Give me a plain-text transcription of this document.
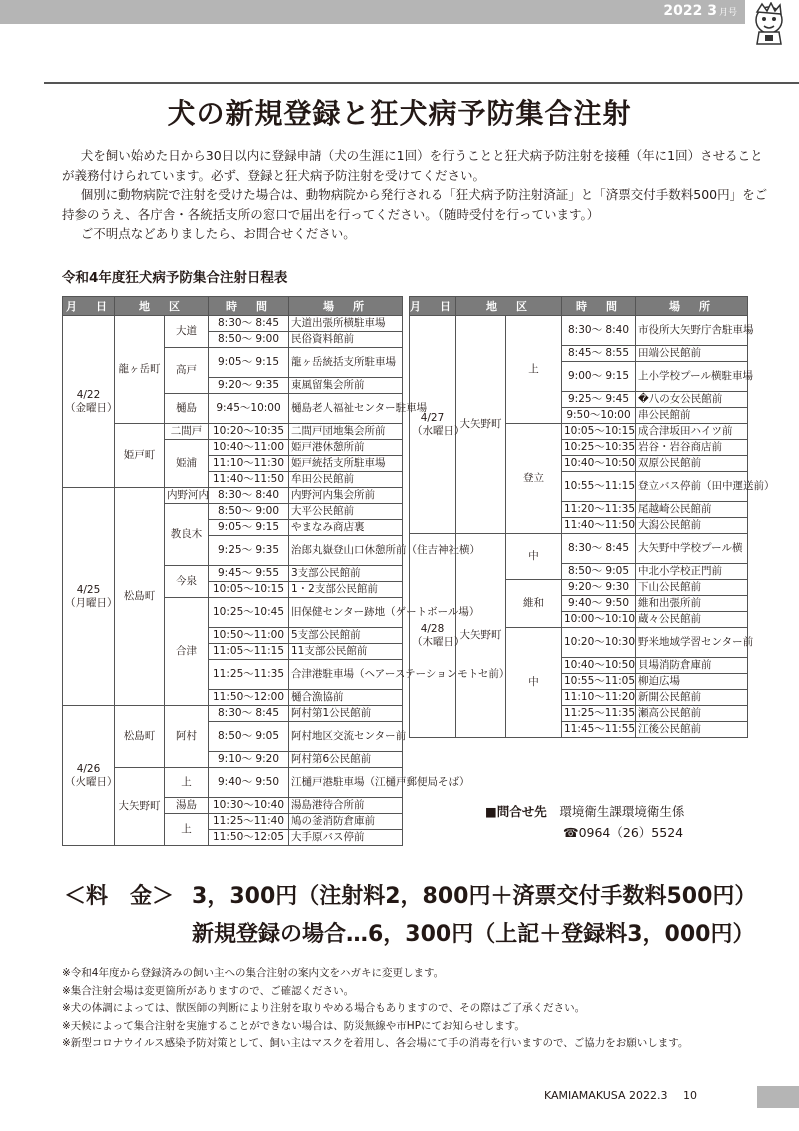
2022 3 月号
犬の新規登録と狂犬病予防集合注射

犬を飼い始めた日から30日以内に登録申請（犬の生涯に1回）を行うことと狂犬病予防注射を接種（年に1回）させることが義務付けられています。必ず、登録と狂犬病予防注射を受けてください。

個別に動物病院で注射を受けた場合は、動物病院から発行される「狂犬病予防注射済証」と「済票交付手数料500円」をご持参のうえ、各庁舎・各統括支所の窓口で届出を行ってください。（随時受付を行っています。）

ご不明点などありましたら、お問合せください。

令和4年度狂犬病予防集合注射日程表
月　日	地　区		時　間	場　所

4/22
（金曜日）	龍ヶ岳町	大道	8:30～ 8:45	大道出張所横駐車場
			8:50～ 9:00	民俗資料館前
		高戸	9:05～ 9:15	龍ヶ岳統括支所駐車場
			9:20～ 9:35	東風留集会所前
		樋島	9:45～10:00	樋島老人福祉センター駐車場
	姫戸町	二間戸	10:20～10:35	二間戸団地集会所前
		姫浦	10:40～11:00	姫戸港休憩所前
			11:10～11:30	姫戸統括支所駐車場
			11:40～11:50	牟田公民館前

4/25
（月曜日）	松島町	内野河内	8:30～ 8:40	内野河内集会所前
		教良木	8:50～ 9:00	大平公民館前
			9:05～ 9:15	やまなみ商店裏
			9:25～ 9:35	治郎丸嶽登山口休憩所前（住吉神社横）
		今泉	9:45～ 9:55	3支部公民館前
			10:05～10:15	1・2支部公民館前
		合津	10:25～10:45	旧保健センター跡地（ゲートボール場）
			10:50～11:00	5支部公民館前
			11:05～11:15	11支部公民館前
			11:25～11:35	合津港駐車場（ヘアーステーションモトセ前）
			11:50～12:00	樋合漁協前

4/26
（火曜日）	松島町	阿村	8:30～ 8:45	阿村第1公民館前
			8:50～ 9:05	阿村地区交流センター前
			9:10～ 9:20	阿村第6公民館前
	大矢野町	上	9:40～ 9:50	江樋戸港駐車場（江樋戸郵便局そば）
		湯島	10:30～10:40	湯島港待合所前
		上	11:25～11:40	鳩の釜消防倉庫前
			11:50～12:05	大手原バス停前
月　日	地　区		時　間	場　所

4/27
（水曜日）	大矢野町	上	8:30～ 8:40	市役所大矢野庁舎駐車場
			8:45～ 8:55	田端公民館前
			9:00～ 9:15	上小学校プール横駐車場
			9:25～ 9:45	�八の女公民館前
			9:50～10:00	串公民館前
		登立	10:05～10:15	成合津坂田ハイツ前
			10:25～10:35	岩谷・岩谷商店前
			10:40～10:50	双原公民館前
			10:55～11:15	登立バス停前（田中運送前）
			11:20～11:35	尾越崎公民館前
			11:40～11:50	大潟公民館前

4/28
（木曜日）	大矢野町	中	8:30～ 8:45	大矢野中学校プール横
			8:50～ 9:05	中北小学校正門前
		維和	9:20～ 9:30	下山公民館前
			9:40～ 9:50	維和出張所前
			10:00～10:10	蔵々公民館前
		中	10:20～10:30	野米地域学習センター前
			10:40～10:50	貝場消防倉庫前
			10:55～11:05	柳迫広場
			11:10～11:20	新開公民館前
			11:25～11:35	瀬高公民館前
			11:45～11:55	江後公民館前
■問合せ先　 環境衛生課環境衛生係
☎0964（26）5524
＜料　金＞ 3，300円（注射料2，800円＋済票交付手数料500円）
新規登録の場合…6，300円（上記＋登録料3，000円）
※令和4年度から登録済みの飼い主への集合注射の案内文をハガキに変更します。
※集合注射会場は変更箇所がありますので、ご確認ください。
※犬の体調によっては、獣医師の判断により注射を取りやめる場合もありますので、その際はご了承ください。
※天候によって集合注射を実施することができない場合は、防災無線や市HPにてお知らせします。
※新型コロナウイルス感染予防対策として、飼い主はマスクを着用し、各会場にて手の消毒を行いますので、ご協力をお願いします。
KAMIAMAKUSA 2022.3 10
